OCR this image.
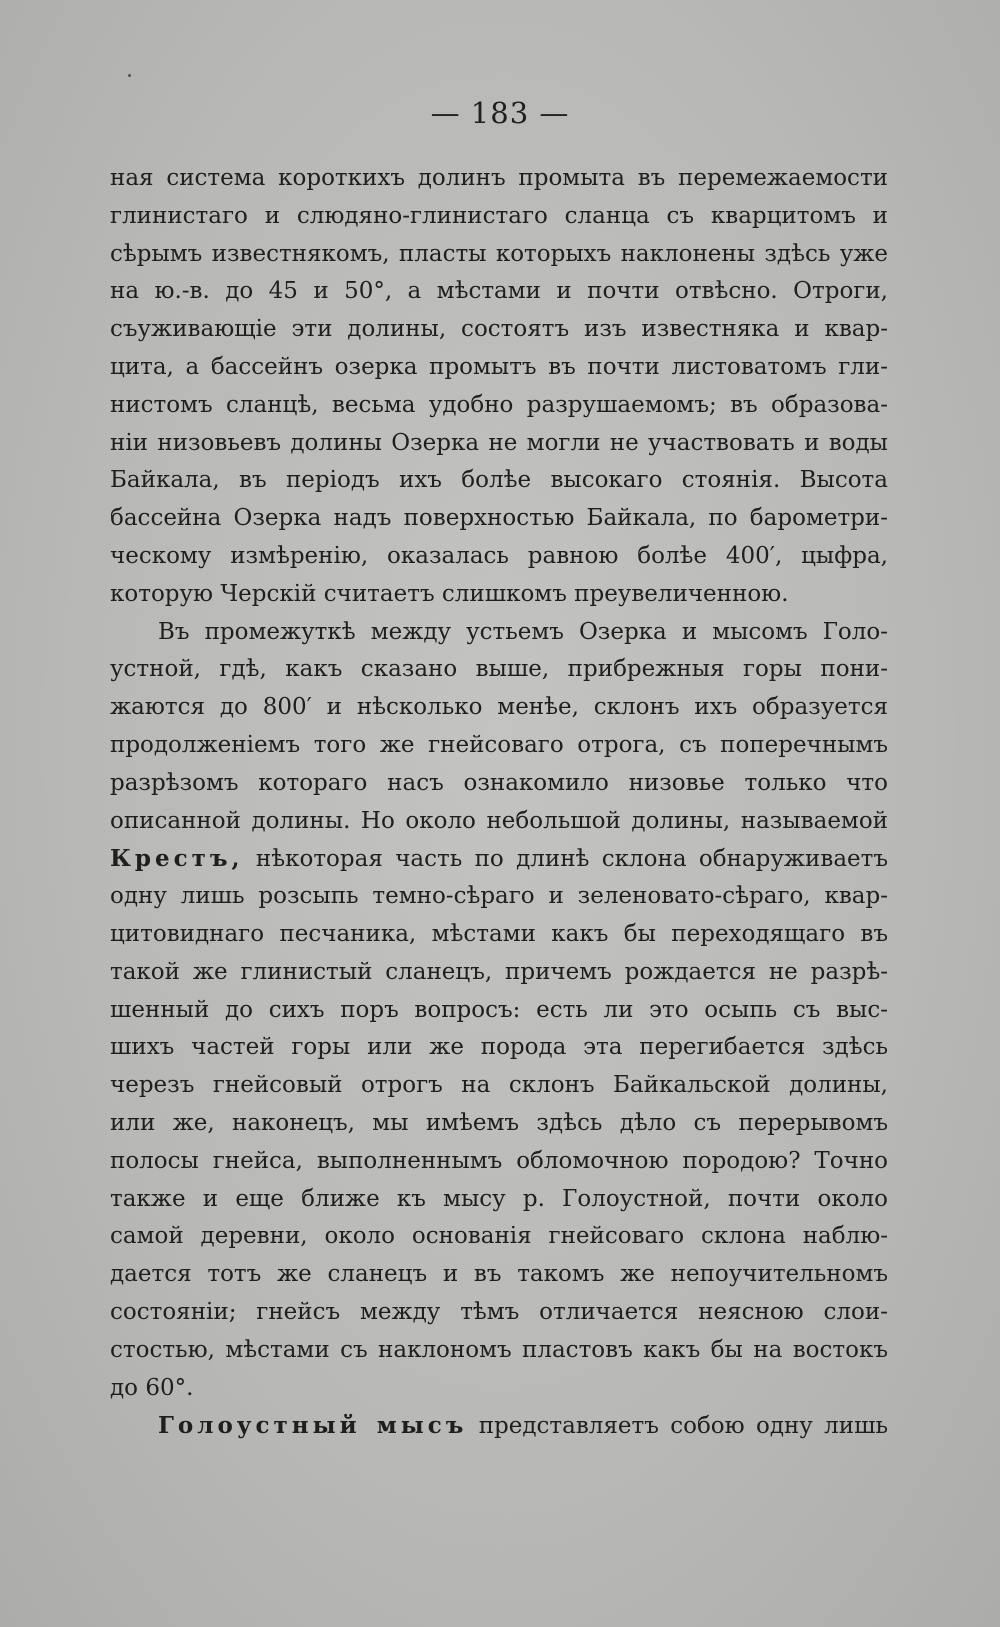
— 183 —
ная система короткихъ долинъ промыта въ перемежаемости
глинистаго и слюдяно-глинистаго сланца съ кварцитомъ и
сѣрымъ известнякомъ, пласты которыхъ наклонены здѣсь уже
на ю.-в. до 45 и 50°, а мѣстами и почти отвѣсно. Отроги,
съуживающіе эти долины, состоятъ изъ известняка и квар-
цита, а бассейнъ озерка промытъ въ почти листоватомъ гли-
нистомъ сланцѣ, весьма удобно разрушаемомъ; въ образова-
ніи низовьевъ долины Озерка не могли не участвовать и воды
Байкала, въ періодъ ихъ болѣе высокаго стоянія. Высота
бассейна Озерка надъ поверхностью Байкала, по барометри-
ческому измѣренію, оказалась равною болѣе 400′, цыфра,
которую Черскій считаетъ слишкомъ преувеличенною.
Въ промежуткѣ между устьемъ Озерка и мысомъ Голо-
устной, гдѣ, какъ сказано выше, прибрежныя горы пони-
жаются до 800′ и нѣсколько менѣе, склонъ ихъ образуется
продолженіемъ того же гнейсоваго отрога, съ поперечнымъ
разрѣзомъ котораго насъ ознакомило низовье только что
описанной долины. Но около небольшой долины, называемой
Крестъ, нѣкоторая часть по длинѣ склона обнаруживаетъ
одну лишь розсыпь темно-сѣраго и зеленовато-сѣраго, квар-
цитовиднаго песчаника, мѣстами какъ бы переходящаго въ
такой же глинистый сланецъ, причемъ рождается не разрѣ-
шенный до сихъ поръ вопросъ: есть ли это осыпь съ выс-
шихъ частей горы или же порода эта перегибается здѣсь
черезъ гнейсовый отрогъ на склонъ Байкальской долины,
или же, наконецъ, мы имѣемъ здѣсь дѣло съ перерывомъ
полосы гнейса, выполненнымъ обломочною породою? Точно
также и еще ближе къ мысу р. Голоустной, почти около
самой деревни, около основанія гнейсоваго склона наблю-
дается тотъ же сланецъ и въ такомъ же непоучительномъ
состояніи; гнейсъ между тѣмъ отличается неясною слои-
стостью, мѣстами съ наклономъ пластовъ какъ бы на востокъ
до 60°.
Голоустный мысъ представляетъ собою одну лишь
